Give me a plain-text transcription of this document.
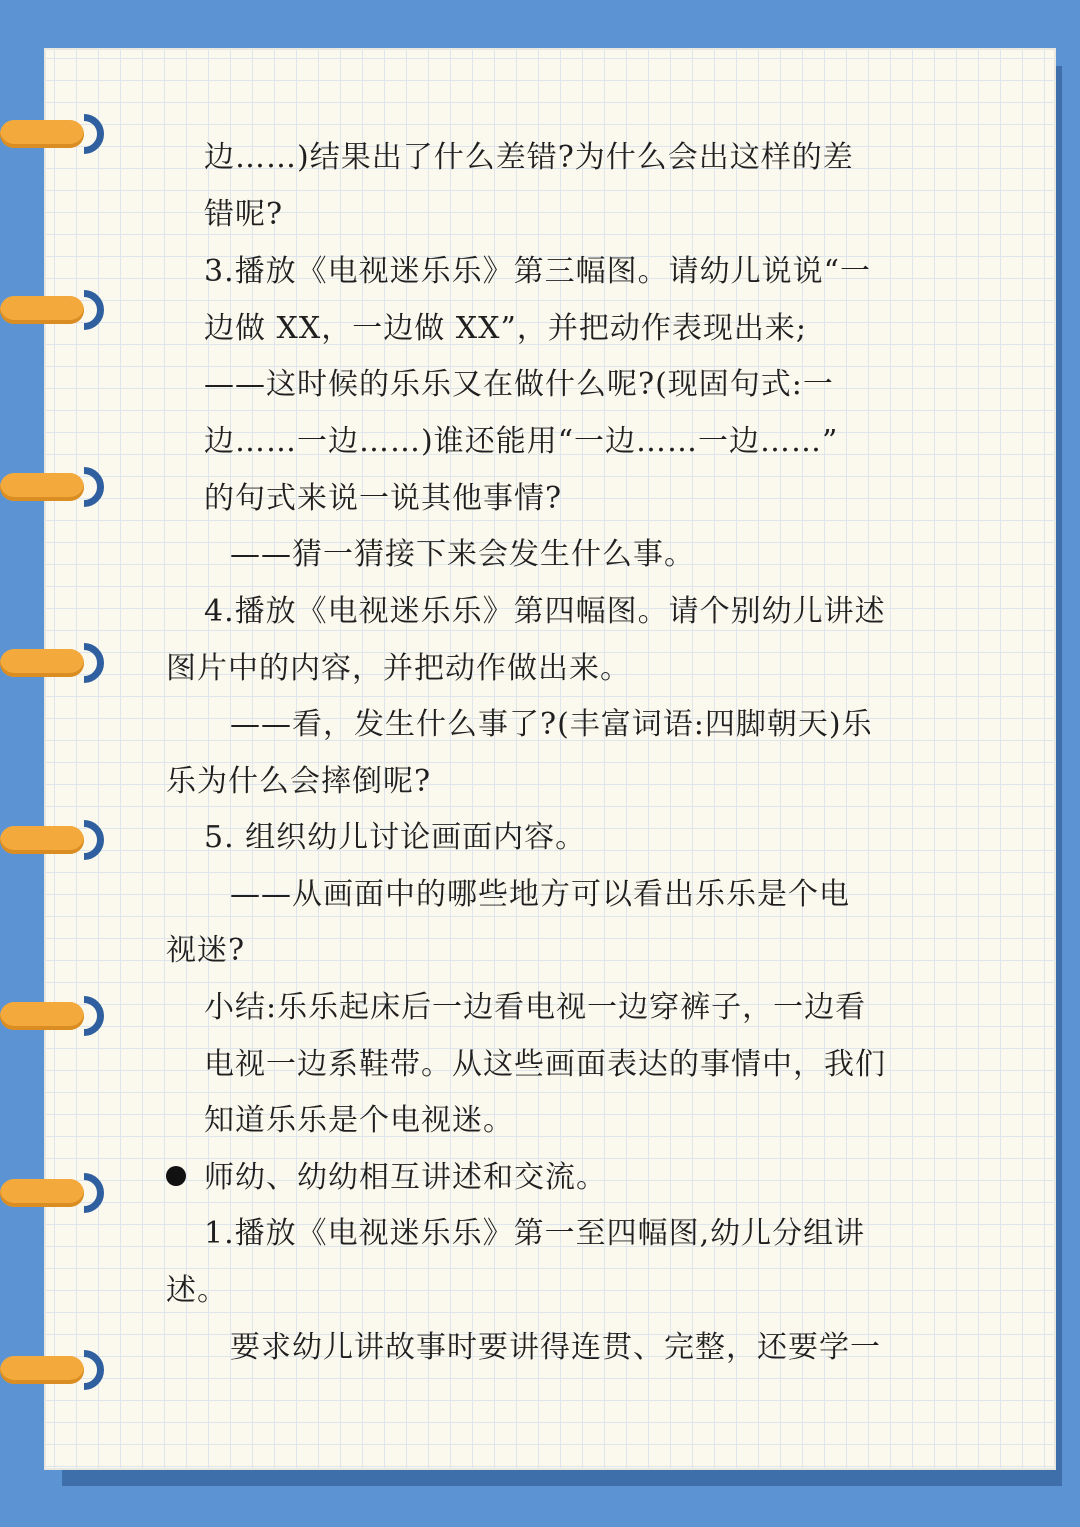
边……)结果出了什么差错?为什么会出这样的差
错呢?
3.播放《电视迷乐乐》第三幅图。请幼儿说说“一
边做 XX，一边做 XX”，并把动作表现出来;
——这时候的乐乐又在做什么呢?(现固句式:一
边……一边……)谁还能用“一边……一边……”
的句式来说一说其他事情?
——猜一猜接下来会发生什么事。
4.播放《电视迷乐乐》第四幅图。请个别幼儿讲述
图片中的内容，并把动作做出来。
——看，发生什么事了?(丰富词语:四脚朝天)乐
乐为什么会摔倒呢?
5. 组织幼儿讨论画面内容。
——从画面中的哪些地方可以看出乐乐是个电
视迷?
小结:乐乐起床后一边看电视一边穿裤子，一边看
电视一边系鞋带。从这些画面表达的事情中，我们
知道乐乐是个电视迷。
师幼、幼幼相互讲述和交流。
1.播放《电视迷乐乐》第一至四幅图,幼儿分组讲
述。
要求幼儿讲故事时要讲得连贯、完整，还要学一
